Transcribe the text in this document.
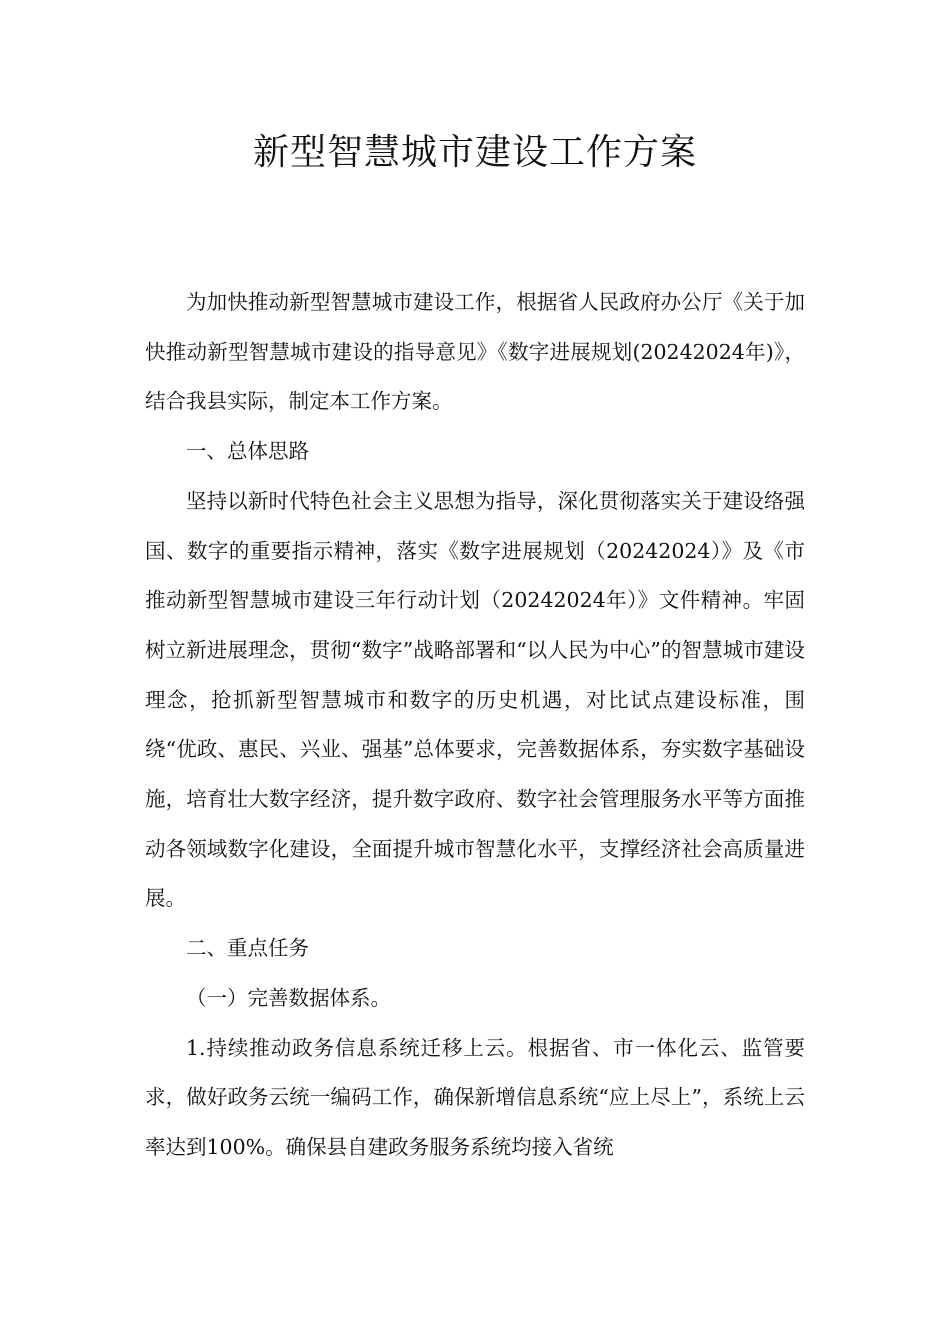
新型智慧城市建设工作方案

为加快推动新型智慧城市建设工作，根据省人民政府办公厅《关于加快推动新型智慧城市建设的指导意见》《数字进展规划(20242024年)》，结合我县实际，制定本工作方案。

一、总体思路

坚持以新时代特色社会主义思想为指导，深化贯彻落实关于建设络强国、数字的重要指示精神，落实《数字进展规划（20242024）》及《市推动新型智慧城市建设三年行动计划（20242024年）》文件精神。牢固树立新进展理念，贯彻“数字”战略部署和“以人民为中心”的智慧城市建设理念，抢抓新型智慧城市和数字的历史机遇，对比试点建设标准，围绕“优政、惠民、兴业、强基”总体要求，完善数据体系，夯实数字基础设施，培育壮大数字经济，提升数字政府、数字社会管理服务水平等方面推动各领域数字化建设，全面提升城市智慧化水平，支撑经济社会高质量进展。

二、重点任务

（一）完善数据体系。

1.持续推动政务信息系统迁移上云。根据省、市一体化云、监管要求，做好政务云统一编码工作，确保新增信息系统“应上尽上”，系统上云率达到100%。确保县自建政务服务系统均接入省统
